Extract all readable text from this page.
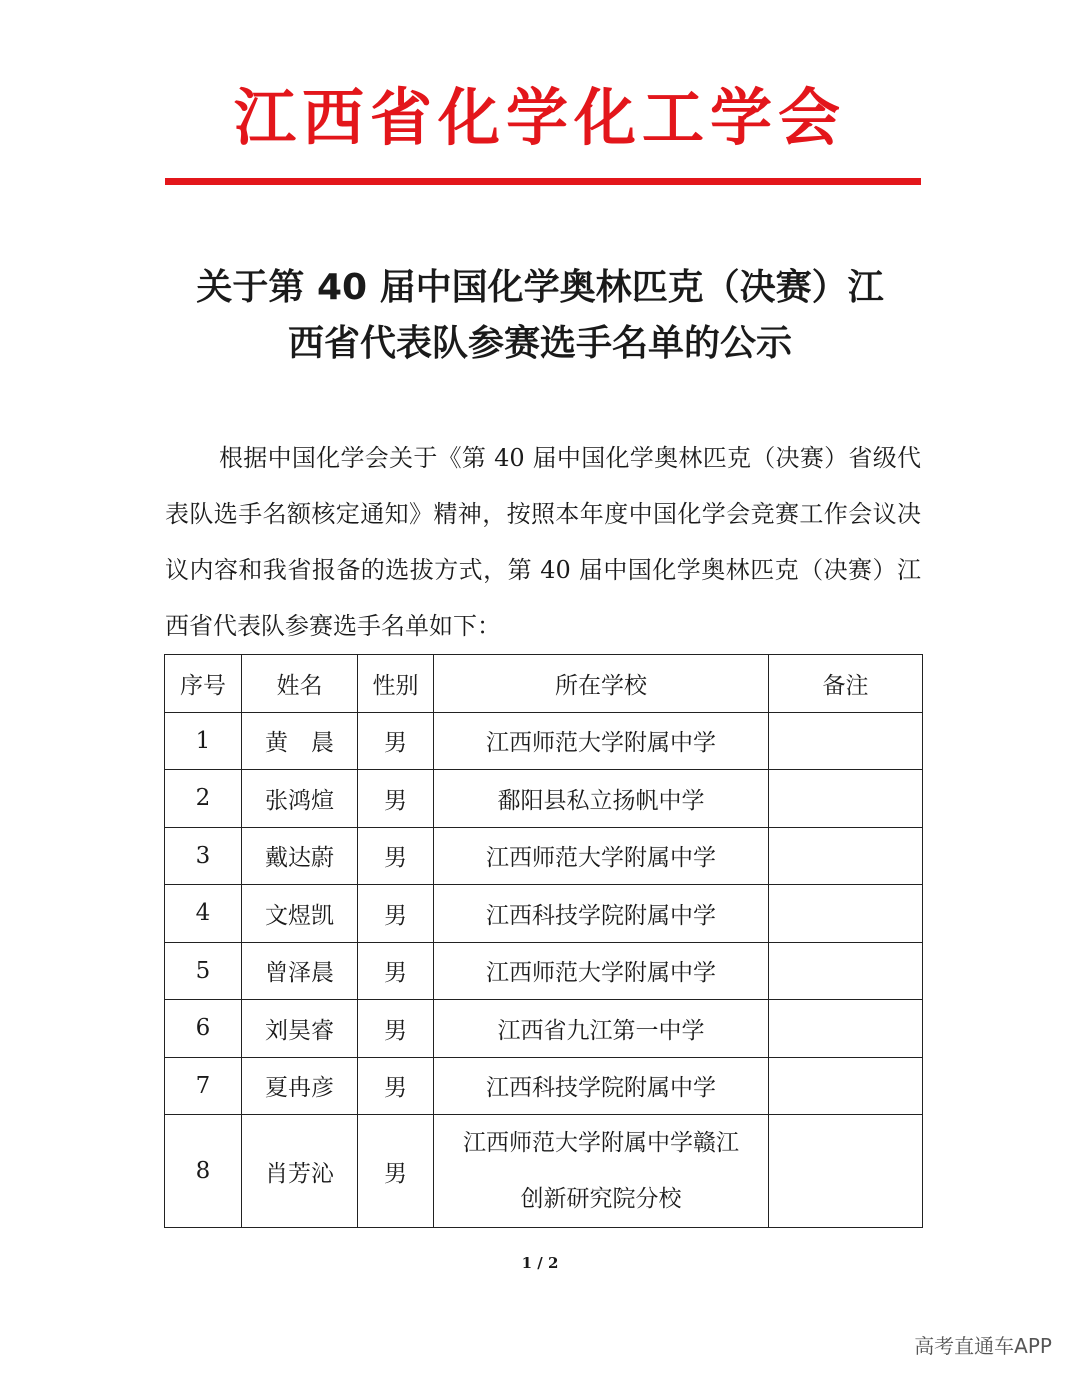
江西省化学化工学会
关于第 40 届中国化学奥林匹克（决赛）江
西省代表队参赛选手名单的公示
根据中国化学会关于《第 40 届中国化学奥林匹克（决赛）省级代表队选手名额核定通知》精神，按照本年度中国化学会竞赛工作会议决议内容和我省报备的选拔方式，第 40 届中国化学奥林匹克（决赛）江西省代表队参赛选手名单如下：
序号	姓名	性别	所在学校	备注
1	黄　晨	男	江西师范大学附属中学	
2	张鸿煊	男	鄱阳县私立扬帆中学	
3	戴达蔚	男	江西师范大学附属中学	
4	文煜凯	男	江西科技学院附属中学	
5	曾泽晨	男	江西师范大学附属中学	
6	刘昊睿	男	江西省九江第一中学	
7	夏冉彦	男	江西科技学院附属中学	
8	肖芳沁	男	江西师范大学附属中学赣江
创新研究院分校	

1 / 2
高考直通车APP
